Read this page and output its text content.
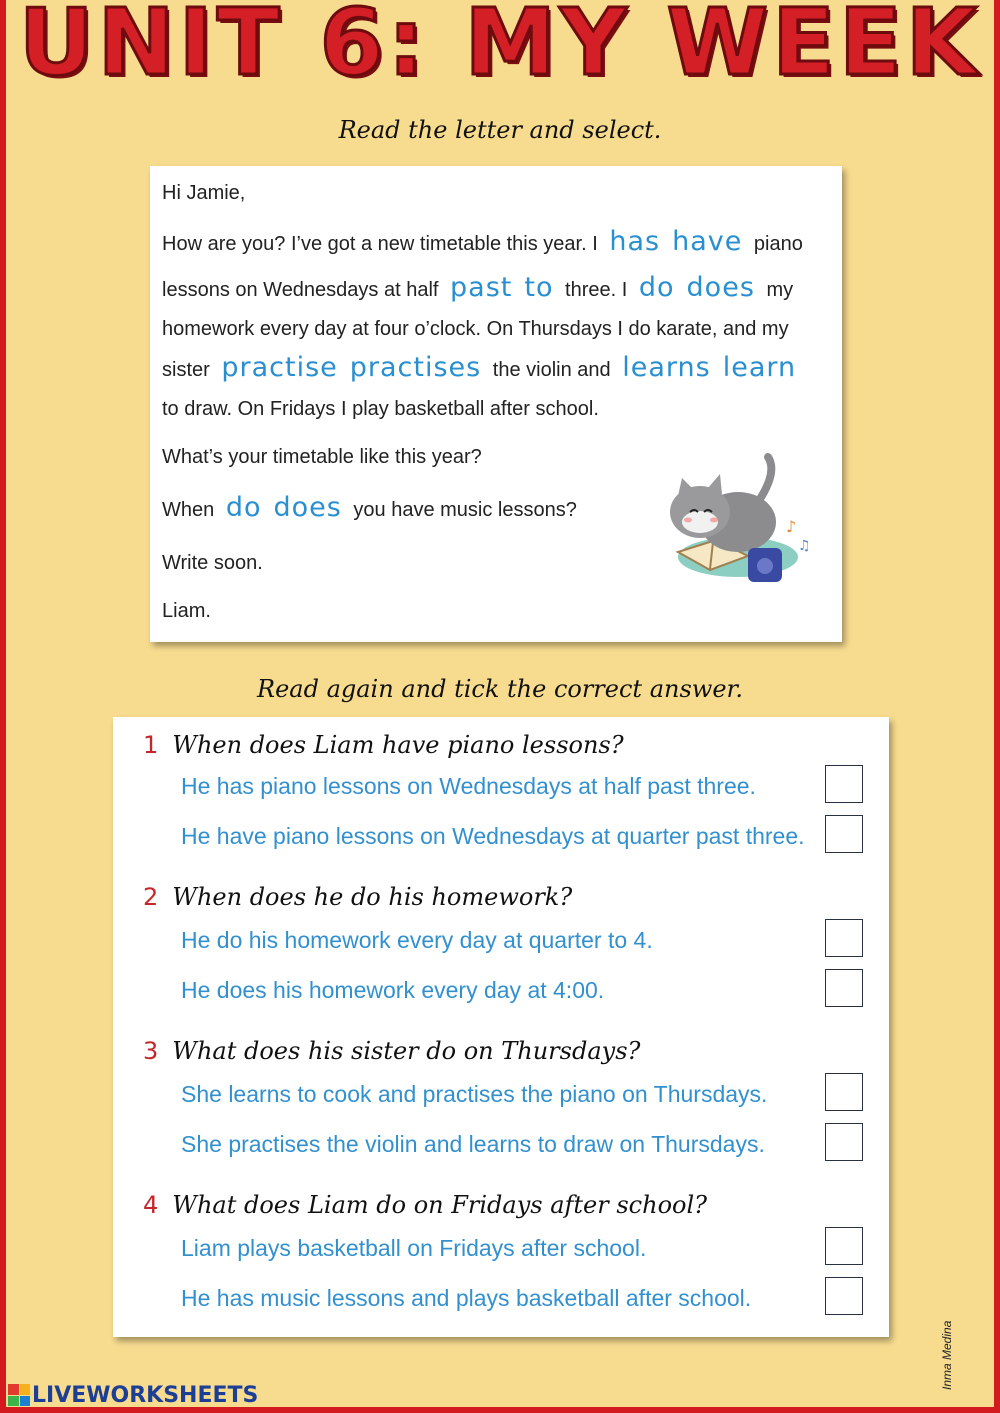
UNIT 6: MY WEEK
Read the letter and select.
Hi Jamie,
How are you? I’ve got a new timetable this year. I has have piano
lessons on Wednesdays at half past to three. I do does my
homework every day at four o’clock. On Thursdays I do karate, and my
sister practise practises the violin and learns learn
to draw. On Fridays I play basketball after school.
What’s your timetable like this year?
When do does you have music lessons?
Write soon.
Liam.
♪
♫
Read again and tick the correct answer.
1 When does Liam have piano lessons?
He has piano lessons on Wednesdays at half past three.
He have piano lessons on Wednesdays at quarter past three.
2 When does he do his homework?
He do his homework every day at quarter to 4.
He does his homework every day at 4:00.
3 What does his sister do on Thursdays?
She learns to cook and practises the piano on Thursdays.
She practises the violin and learns to draw on Thursdays.
4 What does Liam do on Fridays after school?
Liam plays basketball on Fridays after school.
He has music lessons and plays basketball after school.
Inma Medina
LIVEWORKSHEETS
